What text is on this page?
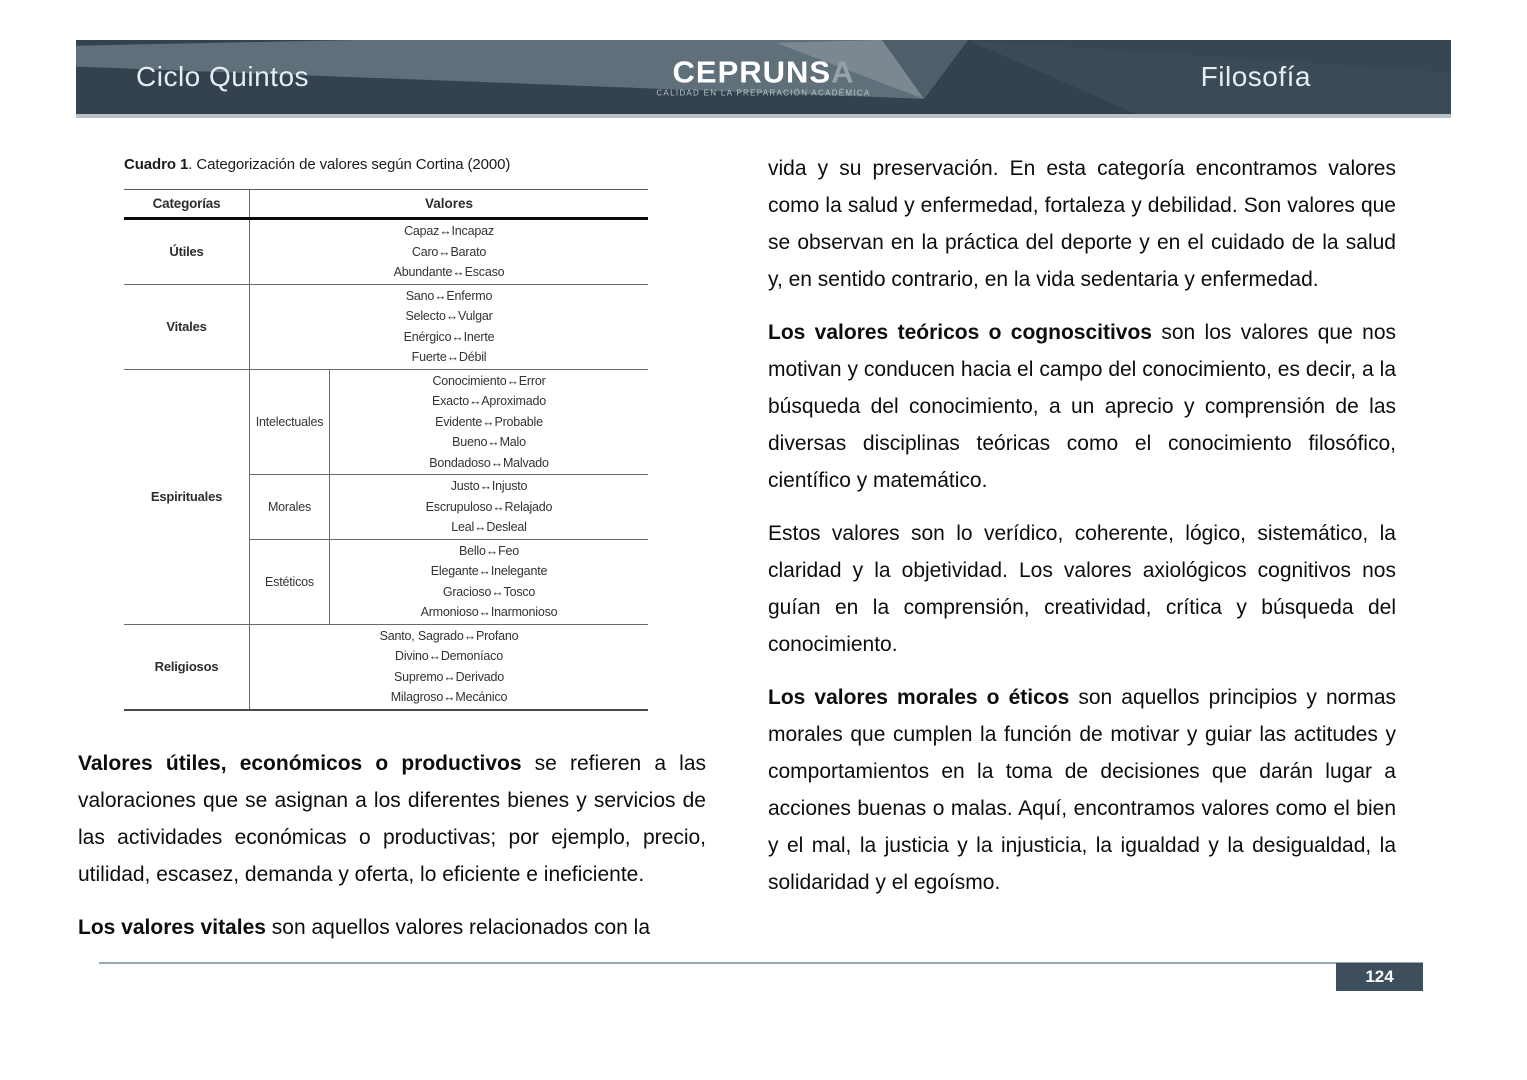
Ciclo Quintos	CEPRUNSA
CALIDAD EN LA PREPARACIÓN ACADÉMICA
Filosofía
Cuadro 1. Categorización de valores según Cortina (2000)
Categorías	Valores
Útiles
Capaz↔Incapaz
Caro↔Barato
Abundante↔Escaso
Vitales
Sano↔Enfermo
Selecto↔Vulgar
Enérgico↔Inerte
Fuerte↔Débil
Espirituales
Intelectuales
Conocimiento↔Error
Exacto↔Aproximado
Evidente↔Probable
Bueno↔Malo
Bondadoso↔Malvado
Morales
Justo↔Injusto
Escrupuloso↔Relajado
Leal↔Desleal
Estéticos
Bello↔Feo
Elegante↔Inelegante
Gracioso↔Tosco
Armonioso↔Inarmonioso
Religiosos
Santo, Sagrado↔Profano
Divino↔Demoníaco
Supremo↔Derivado
Milagroso↔Mecánico

Valores útiles, económicos o productivos se refieren a las valoraciones que se asignan a los diferentes bienes y servicios de las actividades económicas o productivas; por ejemplo, precio, utilidad, escasez, demanda y oferta, lo eficiente e ineficiente.

Los valores vitales son aquellos valores relacionados con la

vida y su preservación. En esta categoría encontramos valores como la salud y enfermedad, fortaleza y debilidad. Son valores que se observan en la práctica del deporte y en el cuidado de la salud y, en sentido contrario, en la vida sedentaria y enfermedad.

Los valores teóricos o cognoscitivos son los valores que nos motivan y conducen hacia el campo del conocimiento, es decir, a la búsqueda del conocimiento, a un aprecio y comprensión de las diversas disciplinas teóricas como el conocimiento filosófico, científico y matemático.

Estos valores son lo verídico, coherente, lógico, sistemático, la claridad y la objetividad. Los valores axiológicos cognitivos nos guían en la comprensión, creatividad, crítica y búsqueda del conocimiento.

Los valores morales o éticos son aquellos principios y normas morales que cumplen la función de motivar y guiar las actitudes y comportamientos en la toma de decisiones que darán lugar a acciones buenas o malas. Aquí, encontramos valores como el bien y el mal, la justicia y la injusticia, la igualdad y la desigualdad, la solidaridad y el egoísmo.

124
